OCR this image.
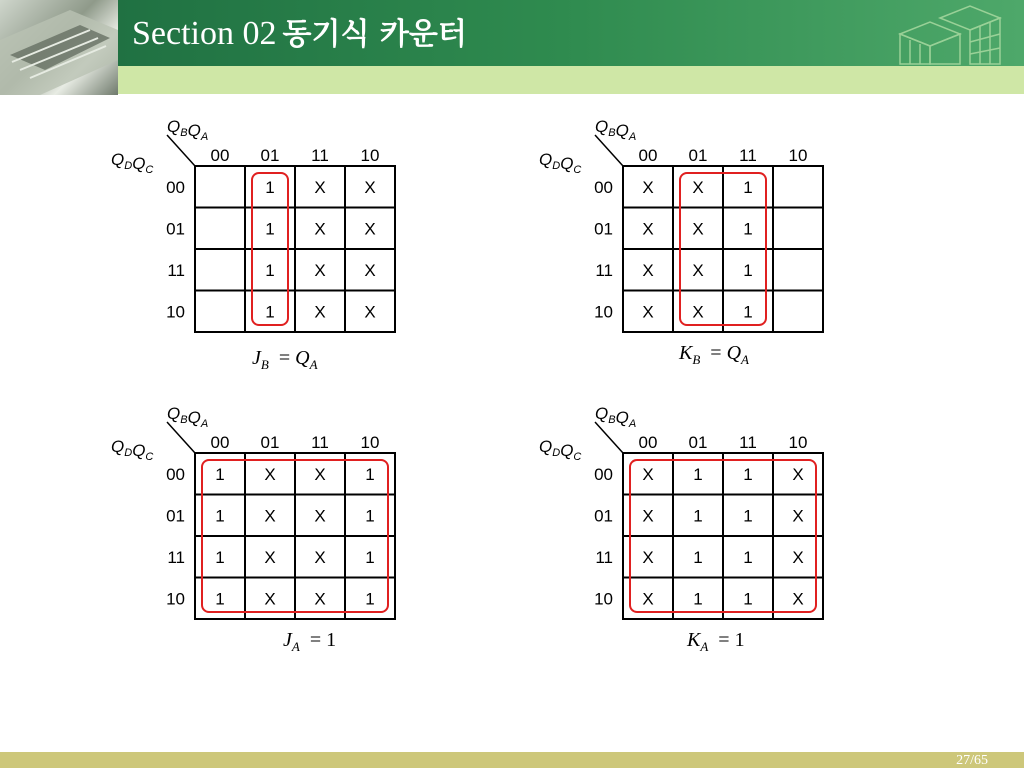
Section 02 동기식 카운터
$Q_BQ_A$
$Q_DQ_C$
00 01 11 10
00
01
11
10
1 X X
1 X X
1 X X
1 X X
$Q_BQ_A$
$Q_DQ_C$
00 01 11 10
00
01
11
10
X X 1
X X 1
X X 1
X X 1
$Q_BQ_A$
$Q_DQ_C$
00 01 11 10
00
01
11
10
1 X X 1
1 X X 1
1 X X 1
1 X X 1
$Q_BQ_A$
$Q_DQ_C$
00 01 11 10
00
01
11
10
X 1 1 X
X 1 1 X
X 1 1 X
X 1 1 X
$J_B = Q_A$
$K_B = Q_A$
$J_A = 1$	$K_A = 1$
27/65
